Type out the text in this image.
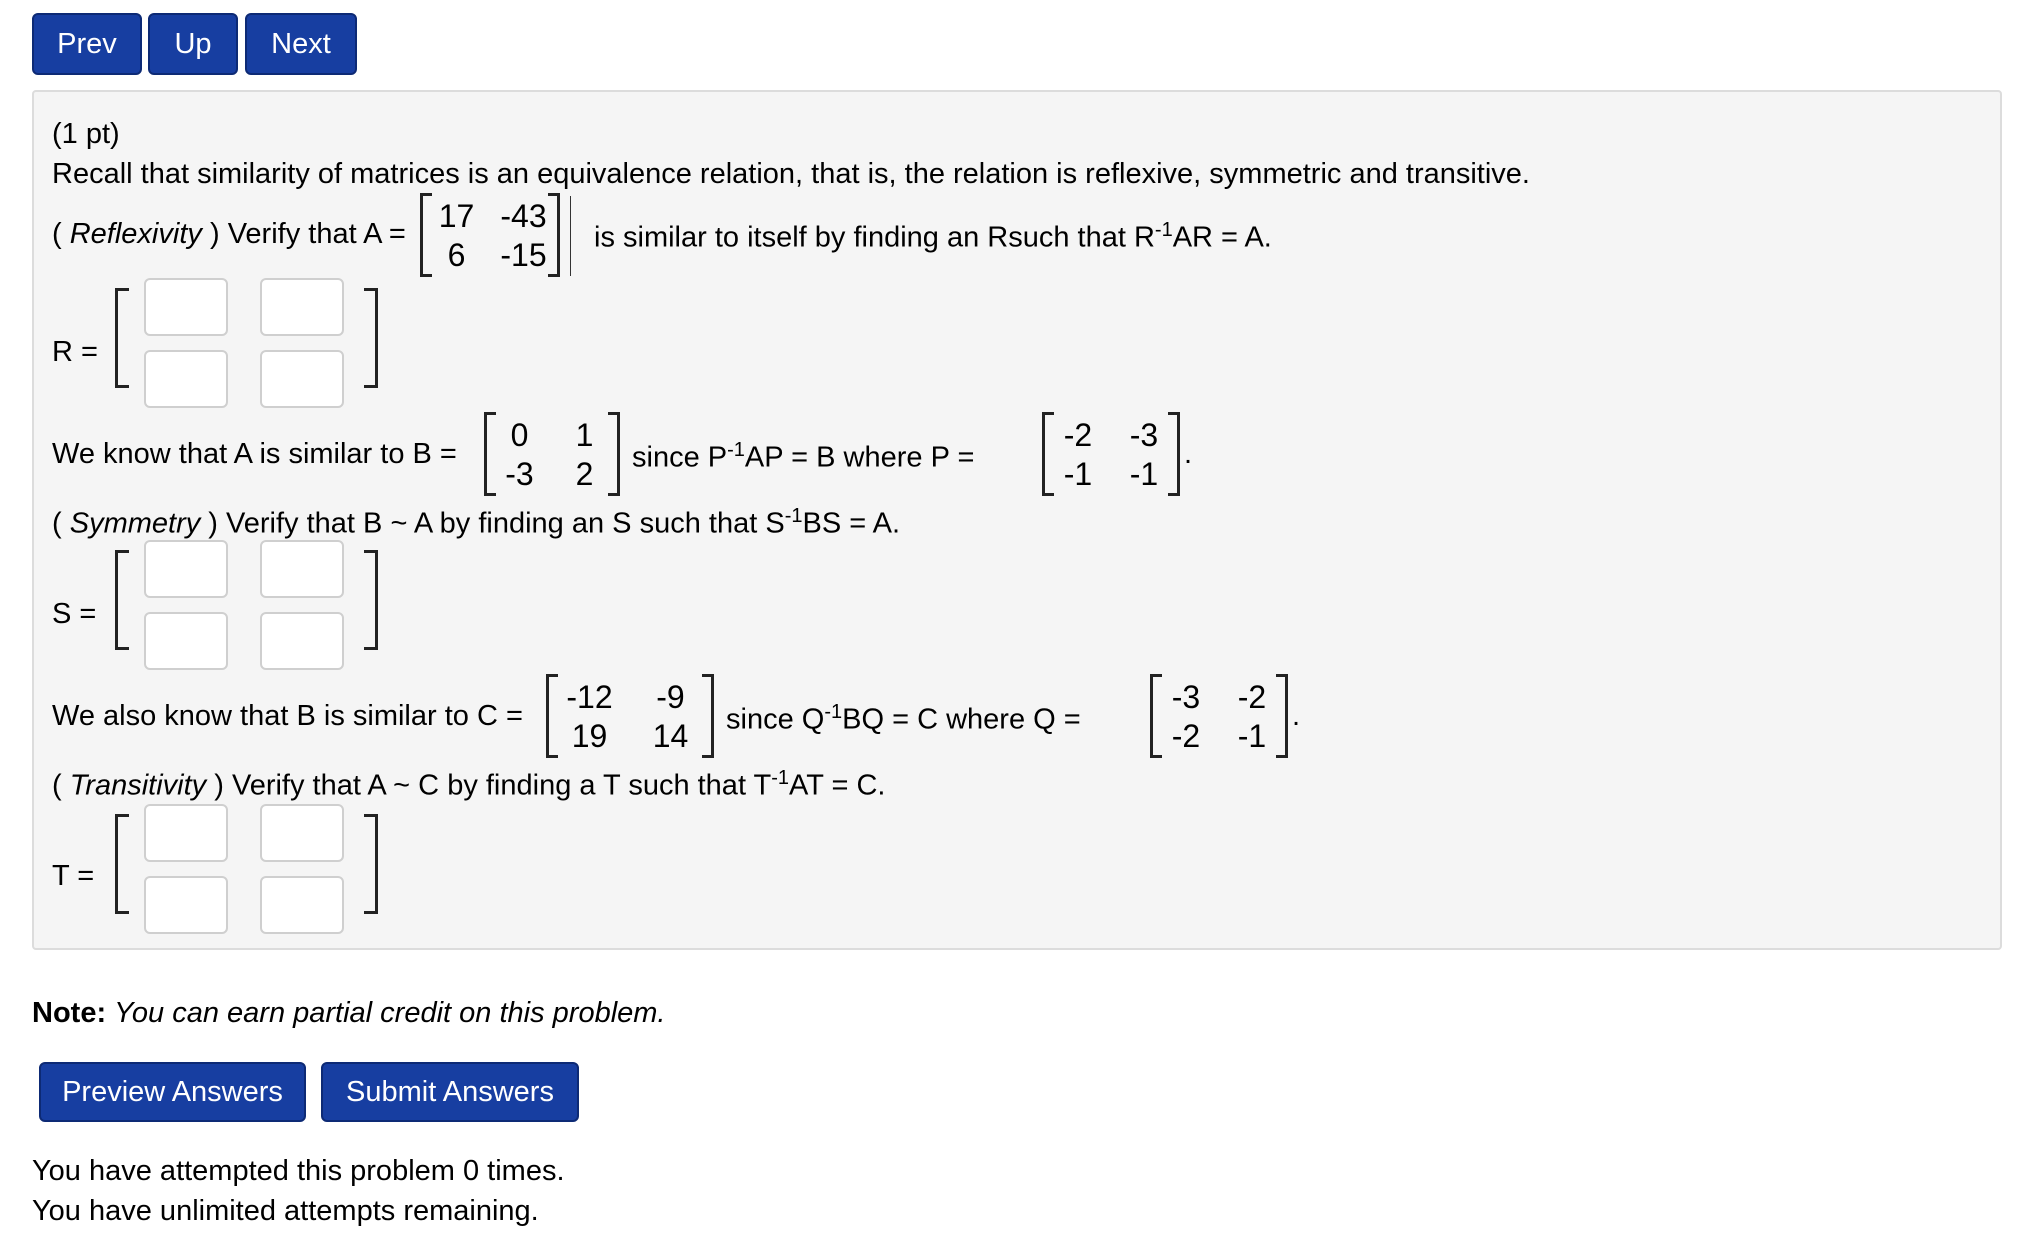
Prev	Up	Next
(1 pt)
Recall that similarity of matrices is an equivalence relation, that is, the relation is reflexive, symmetric and transitive.
( Reflexivity ) Verify that A =
17 -43
6	-15	is similar to itself by finding an Rsuch that $R^{-1}AR = A$.
R =
We know that A is similar to B =
0	1
-3	2	since $P^{-1}AP = B$ where P =
-2	-3
-1	-1
.
( Symmetry ) Verify that B ~ A by finding an S such that $S^{-1}BS = A$.
S =
We also know that B is similar to C =
-12	-9
19	14	since $Q^{-1}BQ = C$ where Q =
-3	-2
-2	-1
.
( Transitivity ) Verify that A ~ C by finding a T such that $T^{-1}AT = C$.
T =
Note: You can earn partial credit on this problem.
Preview Answers	Submit Answers
You have attempted this problem 0 times.
You have unlimited attempts remaining.
